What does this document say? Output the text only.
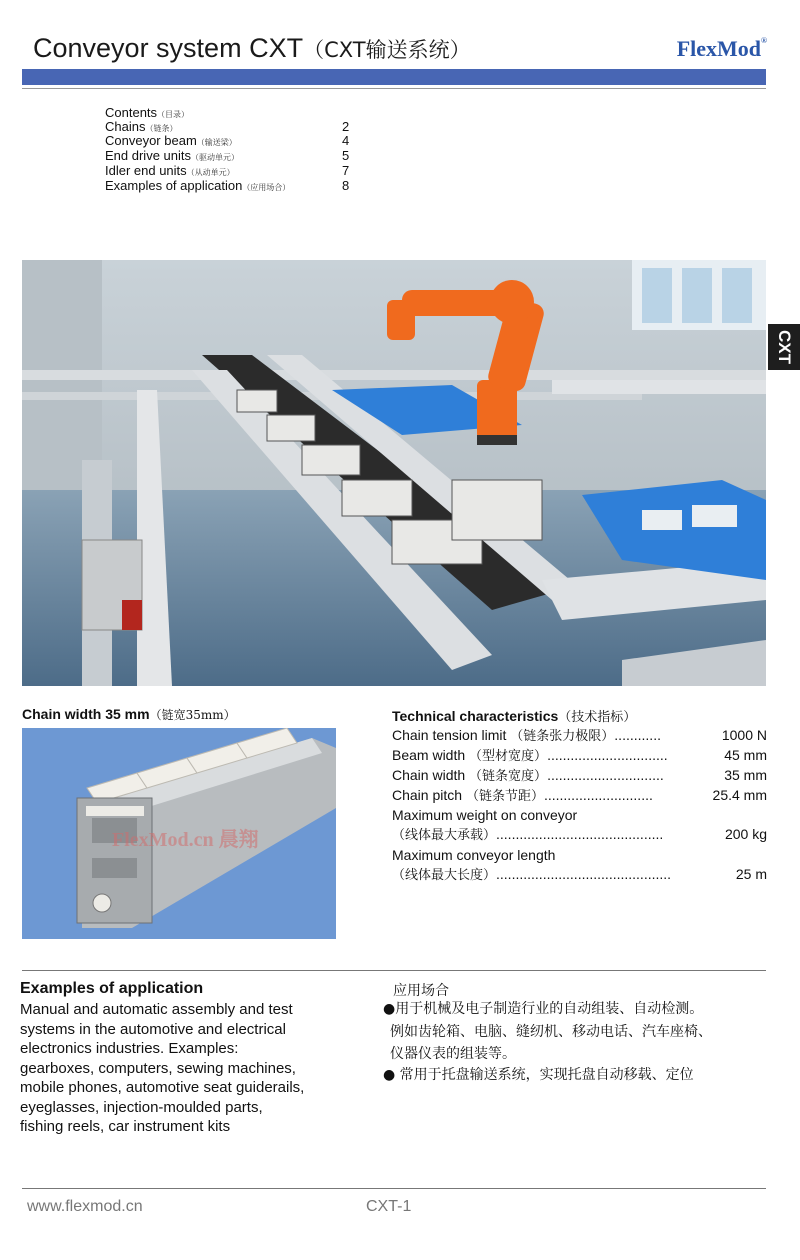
Conveyor system CXT（CXT输送系统）	FlexMod®
Contents（目录）
Chains（链条）	2
Conveyor beam（输送梁）	4
End drive units（驱动单元）	5
Idler end units（从动单元）	7
Examples of application（应用场合）	8
CXT
Chain width 35 mm（链宽35mm）
FlexMod.cn 晨翔
Technical characteristics（技术指标）
Chain tension limit （链条张力极限）............	1000 N
Beam width （型材宽度）...............................	45 mm
Chain width （链条宽度）..............................	35 mm
Chain pitch （链条节距）............................	25.4 mm
Maximum weight on conveyor
（线体最大承载）...........................................	200 kg
Maximum conveyor length
（线体最大长度）.............................................	25 m
Examples of application
Manual and automatic assembly and test
systems in the automotive and electrical
electronics industries. Examples:
gearboxes, computers, sewing machines,
mobile phones, automotive seat guiderails,
eyeglasses, injection-moulded parts,
fishing reels, car instrument kits
应用场合
●用于机械及电子制造行业的自动组装、自动检测。
例如齿轮箱、电脑、缝纫机、移动电话、汽车座椅、
仪器仪表的组装等。
● 常用于托盘输送系统，实现托盘自动移载、定位
www.flexmod.cn	CXT-1
